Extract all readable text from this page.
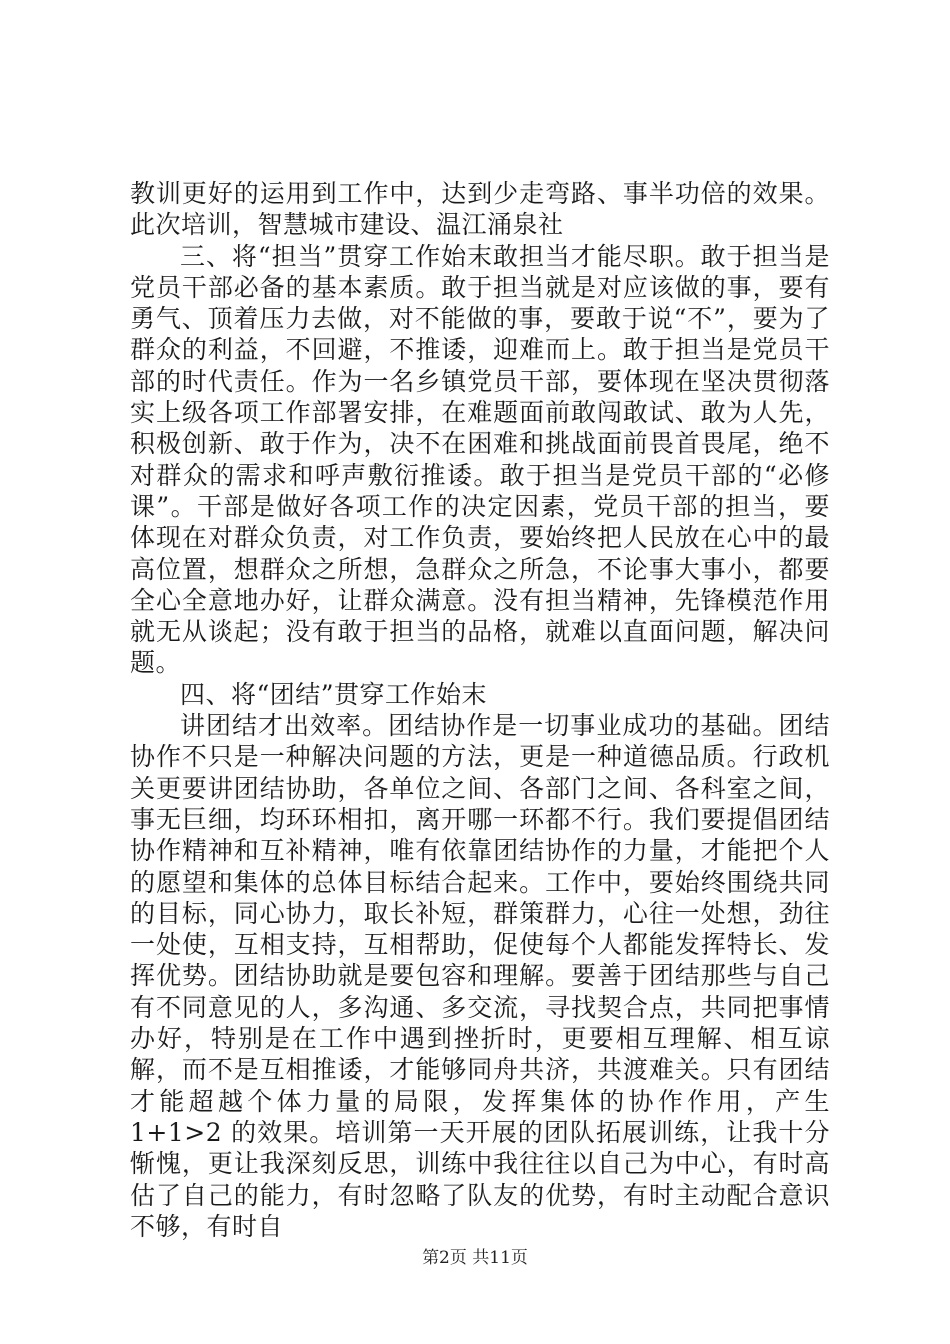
教训更好的运用到工作中，达到少走弯路、事半功倍的效果。此次培训，智慧城市建设、温江涌泉社

三、将“担当”贯穿工作始末敢担当才能尽职。敢于担当是党员干部必备的基本素质。敢于担当就是对应该做的事，要有勇气、顶着压力去做，对不能做的事，要敢于说“不”，要为了群众的利益，不回避，不推诿，迎难而上。敢于担当是党员干部的时代责任。作为一名乡镇党员干部，要体现在坚决贯彻落实上级各项工作部署安排，在难题面前敢闯敢试、敢为人先，积极创新、敢于作为，决不在困难和挑战面前畏首畏尾，绝不对群众的需求和呼声敷衍推诿。敢于担当是党员干部的“必修课”。干部是做好各项工作的决定因素，党员干部的担当，要体现在对群众负责，对工作负责，要始终把人民放在心中的最高位置，想群众之所想，急群众之所急，不论事大事小，都要全心全意地办好，让群众满意。没有担当精神，先锋模范作用就无从谈起；没有敢于担当的品格，就难以直面问题，解决问题。

四、将“团结”贯穿工作始末

讲团结才出效率。团结协作是一切事业成功的基础。团结协作不只是一种解决问题的方法，更是一种道德品质。行政机关更要讲团结协助，各单位之间、各部门之间、各科室之间，事无巨细，均环环相扣，离开哪一环都不行。我们要提倡团结协作精神和互补精神，唯有依靠团结协作的力量，才能把个人的愿望和集体的总体目标结合起来。工作中，要始终围绕共同的目标，同心协力，取长补短，群策群力，心往一处想，劲往一处使，互相支持，互相帮助，促使每个人都能发挥特长、发挥优势。团结协助就是要包容和理解。要善于团结那些与自己有不同意见的人，多沟通、多交流，寻找契合点，共同把事情办好，特别是在工作中遇到挫折时，更要相互理解、相互谅解，而不是互相推诿，才能够同舟共济，共渡难关。只有团结才能超越个体力量的局限，发挥集体的协作作用，产生 1+1>2 的效果。培训第一天开展的团队拓展训练，让我十分惭愧，更让我深刻反思，训练中我往往以自己为中心，有时高估了自己的能力，有时忽略了队友的优势，有时主动配合意识不够，有时自

第2页 共11页
